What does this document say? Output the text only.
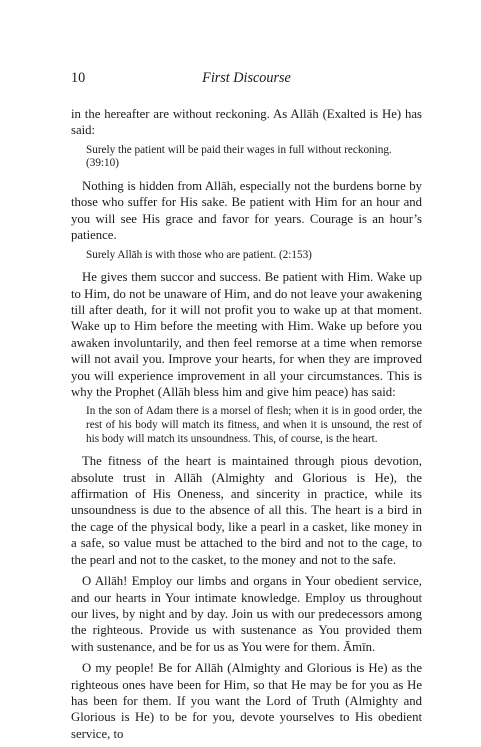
10	First Discourse

in the hereafter are without reckoning. As Allāh (Exalted is He) has said:

Surely the patient will be paid their wages in full without reckoning. (39:10)

Nothing is hidden from Allāh, especially not the burdens borne by those who suffer for His sake. Be patient with Him for an hour and you will see His grace and favor for years. Courage is an hour’s patience.

Surely Allāh is with those who are patient. (2:153)

He gives them succor and success. Be patient with Him. Wake up to Him, do not be unaware of Him, and do not leave your awakening till after death, for it will not profit you to wake up at that moment. Wake up to Him before the meeting with Him. Wake up before you awaken involuntarily, and then feel remorse at a time when remorse will not avail you. Improve your hearts, for when they are improved you will experience improvement in all your circumstances. This is why the Prophet (Allāh bless him and give him peace) has said:

In the son of Adam there is a morsel of flesh; when it is in good order, the rest of his body will match its fitness, and when it is unsound, the rest of his body will match its unsoundness. This, of course, is the heart.

The fitness of the heart is maintained through pious devotion, absolute trust in Allāh (Almighty and Glorious is He), the affirmation of His Oneness, and sincerity in practice, while its unsoundness is due to the absence of all this. The heart is a bird in the cage of the physical body, like a pearl in a casket, like money in a safe, so value must be attached to the bird and not to the cage, to the pearl and not to the casket, to the money and not to the safe.

O Allāh! Employ our limbs and organs in Your obedient service, and our hearts in Your intimate knowledge. Employ us throughout our lives, by night and by day. Join us with our predecessors among the righteous. Provide us with sustenance as You provided them with sustenance, and be for us as You were for them. Āmīn.

O my people! Be for Allāh (Almighty and Glorious is He) as the righteous ones have been for Him, so that He may be for you as He has been for them. If you want the Lord of Truth (Almighty and Glorious is He) to be for you, devote yourselves to His obedient service, to
